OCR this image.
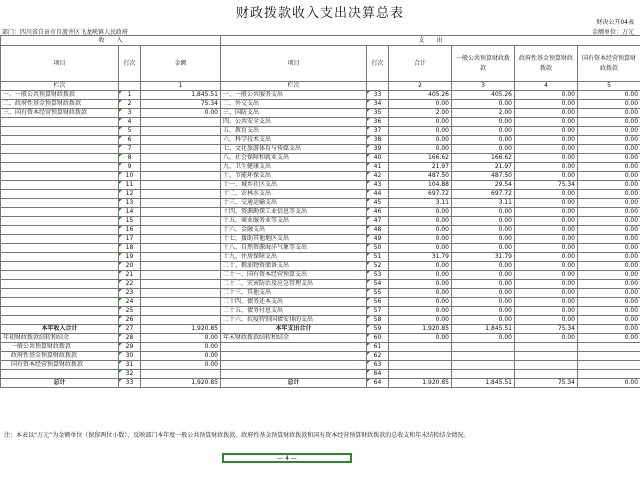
财政拨款收入支出决算总表
财决公开04表
部门：四川省自贡市自流井区飞龙峡镇人民政府	金额单位：万元
收　　入			支　　出					
项目	行次	金额	项目	行次	合计	一般公共预算财政拨款	政府性基金预算财政拨款	国有资本经营预算财政拨款
栏次		1	栏次		2	3	4	5
一、一般公共预算财政拨款	1	1,845.51	一、一般公共服务支出	33	405.26	405.26	0.00	0.00
二、政府性基金预算财政拨款	2	75.34	二、外交支出	34	0.00	0.00	0.00	0.00
三、国有资本经营预算财政拨款	3	0.00	三、国防支出	35	2.00	2.00	0.00	0.00
	4		四、公共安全支出	36	0.00	0.00	0.00	0.00
	5		五、教育支出	37	0.00	0.00	0.00	0.00
	6		六、科学技术支出	38	0.00	0.00	0.00	0.00
	7		七、文化旅游体育与传媒支出	39	0.00	0.00	0.00	0.00
	8		八、社会保障和就业支出	40	166.62	166.62	0.00	0.00
	9		九、卫生健康支出	41	21.97	21.97	0.00	0.00
	10		十、节能环保支出	42	487.50	487.50	0.00	0.00
	11		十一、城乡社区支出	43	104.88	29.54	75.34	0.00
	12		十二、农林水支出	44	697.72	697.72	0.00	0.00
	13		十三、交通运输支出	45	3.11	3.11	0.00	0.00
	14		十四、资源勘探工业信息等支出	46	0.00	0.00	0.00	0.00
	15		十五、商业服务业等支出	47	0.00	0.00	0.00	0.00
	16		十六、金融支出	48	0.00	0.00	0.00	0.00
	17		十七、援助其他地区支出	49	0.00	0.00	0.00	0.00
	18		十八、自然资源海洋气象等支出	50	0.00	0.00	0.00	0.00
	19		十九、住房保障支出	51	31.79	31.79	0.00	0.00
	20		二十、粮油物资储备支出	52	0.00	0.00	0.00	0.00
	21		二十一、国有资本经营预算支出	53	0.00	0.00	0.00	0.00
	22		二十二、灾害防治及应急管理支出	54	0.00	0.00	0.00	0.00
	23		二十三、其他支出	55	0.00	0.00	0.00	0.00
	24		二十四、债务还本支出	56	0.00	0.00	0.00	0.00
	25		二十五、债务付息支出	57	0.00	0.00	0.00	0.00
	26		二十六、抗疫特别国债安排的支出	58	0.00	0.00	0.00	0.00
本年收入合计	27	1,920.85	本年支出合计	59	1,920.85	1,845.51	75.34	0.00
年初财政拨款结转和结余	28	0.00	年末财政拨款结转和结余	60	0.00	0.00	0.00	0.00
一般公共预算财政拨款	29	0.00		61				
政府性基金预算财政拨款	30	0.00		62				
国有资本经营预算财政拨款	31	0.00		63				
	32			64				
总计	33	1,920.85	总计	64	1,920.85	1,845.51	75.34	0.00
注：本表以“万元”为金额单位（保留两位小数），反映部门本年度一般公共预算财政拨款、政府性基金预算财政拨款和国有资本经营预算财政拨款的总收支和年末结转结余情况。
— 4 —
